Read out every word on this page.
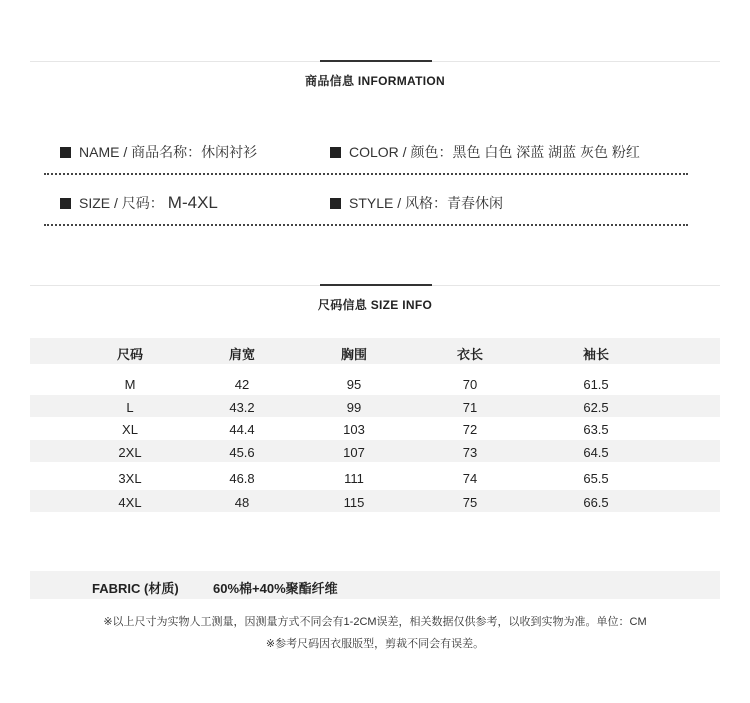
商品信息 INFORMATION
NAME / 商品名称：休闲衬衫	COLOR / 颜色：黑色 白色 深蓝 湖蓝 灰色 粉红
SIZE / 尺码： M-4XL	STYLE / 风格：青春休闲
尺码信息 SIZE INFO
尺码	肩宽	胸围	衣长	袖长
M	42	95	70	61.5
L	43.2	99	71	62.5
XL	44.4	103	72	63.5
2XL	45.6	107	73	64.5
3XL	46.8	111	74	65.5
4XL	48	115	75	66.5
FABRIC (材质)	60%棉+40%聚酯纤维
※以上尺寸为实物人工测量，因测量方式不同会有1-2CM误差，相关数据仅供参考，以收到实物为准。单位：CM
※参考尺码因衣服版型，剪裁不同会有误差。
